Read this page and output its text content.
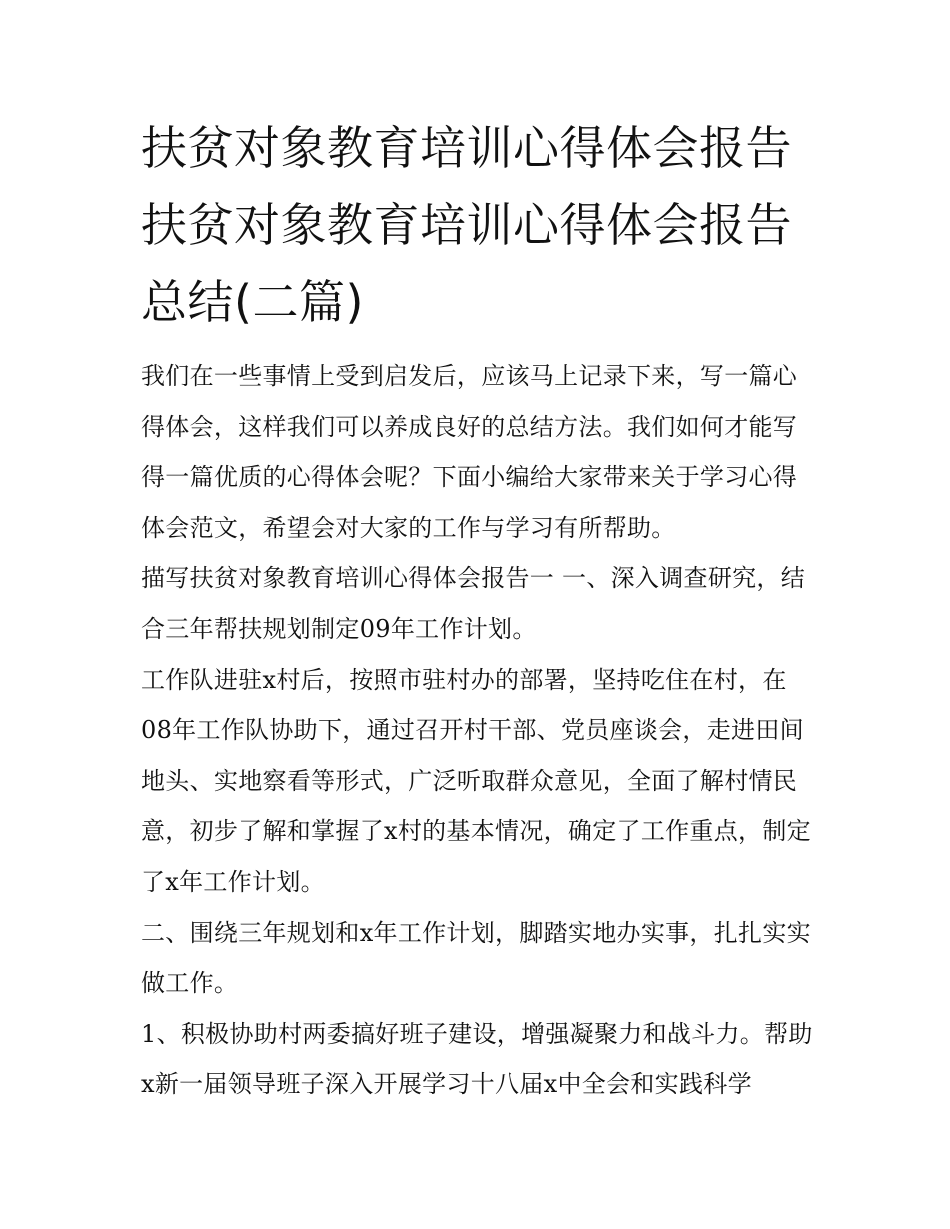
扶贫对象教育培训心得体会报告 扶贫对象教育培训心得体会报告总结(二篇)

我们在一些事情上受到启发后，应该马上记录下来，写一篇心得体会，这样我们可以养成良好的总结方法。我们如何才能写得一篇优质的心得体会呢？下面小编给大家带来关于学习心得体会范文，希望会对大家的工作与学习有所帮助。

描写扶贫对象教育培训心得体会报告一 一、深入调查研究，结合三年帮扶规划制定09年工作计划。

工作队进驻x村后，按照市驻村办的部署，坚持吃住在村，在08年工作队协助下，通过召开村干部、党员座谈会，走进田间地头、实地察看等形式，广泛听取群众意见，全面了解村情民意，初步了解和掌握了x村的基本情况，确定了工作重点，制定了x年工作计划。

二、围绕三年规划和x年工作计划，脚踏实地办实事，扎扎实实做工作。

1、积极协助村两委搞好班子建设，增强凝聚力和战斗力。帮助x新一届领导班子深入开展学习十八届x中全会和实践科学
